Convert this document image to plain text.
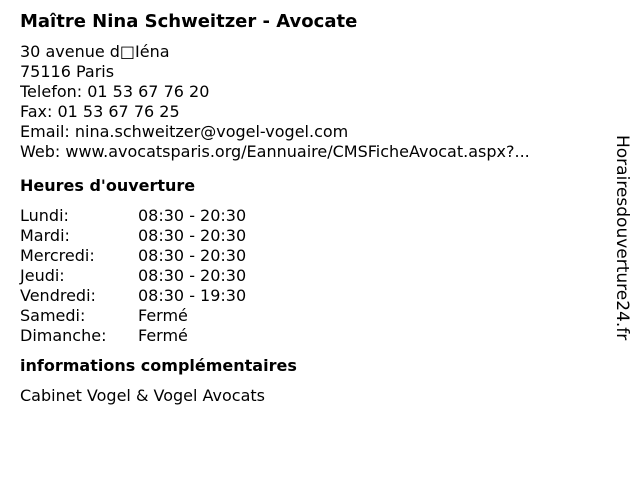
Maître Nina Schweitzer - Avocate
30 avenue d□Iéna
75116 Paris
Telefon: 01 53 67 76 20
Fax: 01 53 67 76 25
Email: nina.schweitzer@vogel-vogel.com
Web: www.avocatsparis.org/Eannuaire/CMSFicheAvocat.aspx?...
Heures d'ouverture
Lundi:	08:30 - 20:30
Mardi:	08:30 - 20:30
Mercredi:	08:30 - 20:30
Jeudi:	08:30 - 20:30
Vendredi:	08:30 - 19:30
Samedi:	Fermé
Dimanche:	Fermé
informations complémentaires
Cabinet Vogel & Vogel Avocats
Horairesdouverture24.fr
